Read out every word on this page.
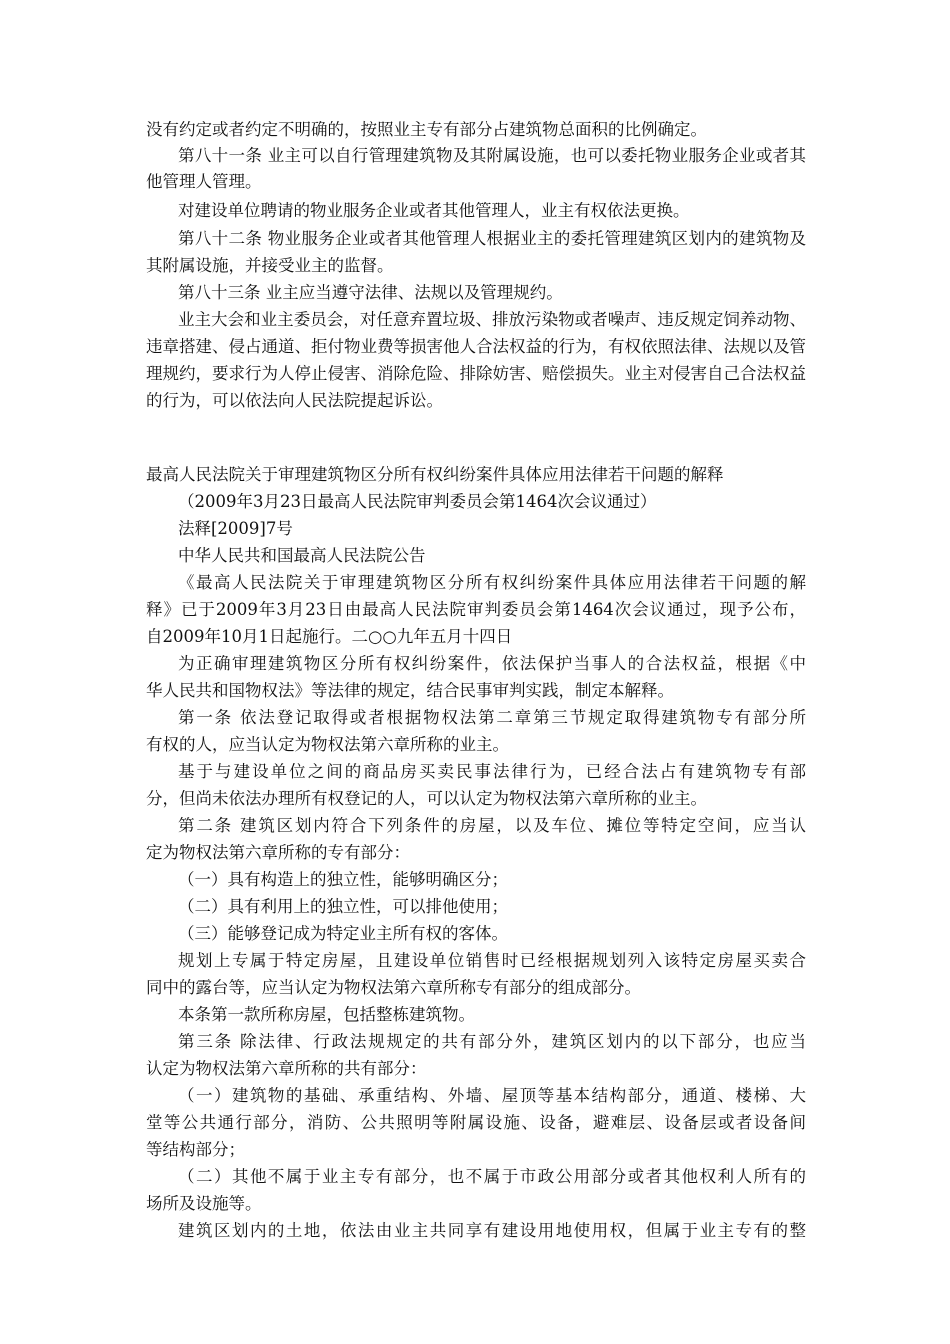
没有约定或者约定不明确的，按照业主专有部分占建筑物总面积的比例确定。
第八十一条 业主可以自行管理建筑物及其附属设施，也可以委托物业服务企业或者其
他管理人管理。
对建设单位聘请的物业服务企业或者其他管理人，业主有权依法更换。
第八十二条 物业服务企业或者其他管理人根据业主的委托管理建筑区划内的建筑物及
其附属设施，并接受业主的监督。
第八十三条 业主应当遵守法律、法规以及管理规约。
业主大会和业主委员会，对任意弃置垃圾、排放污染物或者噪声、违反规定饲养动物、
违章搭建、侵占通道、拒付物业费等损害他人合法权益的行为，有权依照法律、法规以及管
理规约，要求行为人停止侵害、消除危险、排除妨害、赔偿损失。业主对侵害自己合法权益
的行为，可以依法向人民法院提起诉讼。
最高人民法院关于审理建筑物区分所有权纠纷案件具体应用法律若干问题的解释
（2009年3月23日最高人民法院审判委员会第1464次会议通过）
法释[2009]7号
中华人民共和国最高人民法院公告
《最高人民法院关于审理建筑物区分所有权纠纷案件具体应用法律若干问题的解
释》已于2009年3月23日由最高人民法院审判委员会第1464次会议通过，现予公布，
自2009年10月1日起施行。二○○九年五月十四日
为正确审理建筑物区分所有权纠纷案件，依法保护当事人的合法权益，根据《中
华人民共和国物权法》等法律的规定，结合民事审判实践，制定本解释。
第一条 依法登记取得或者根据物权法第二章第三节规定取得建筑物专有部分所
有权的人，应当认定为物权法第六章所称的业主。
基于与建设单位之间的商品房买卖民事法律行为，已经合法占有建筑物专有部
分，但尚未依法办理所有权登记的人，可以认定为物权法第六章所称的业主。
第二条 建筑区划内符合下列条件的房屋，以及车位、摊位等特定空间，应当认
定为物权法第六章所称的专有部分：
（一）具有构造上的独立性，能够明确区分；
（二）具有利用上的独立性，可以排他使用；
（三）能够登记成为特定业主所有权的客体。
规划上专属于特定房屋，且建设单位销售时已经根据规划列入该特定房屋买卖合
同中的露台等，应当认定为物权法第六章所称专有部分的组成部分。
本条第一款所称房屋，包括整栋建筑物。
第三条 除法律、行政法规规定的共有部分外，建筑区划内的以下部分，也应当
认定为物权法第六章所称的共有部分：
（一）建筑物的基础、承重结构、外墙、屋顶等基本结构部分，通道、楼梯、大
堂等公共通行部分，消防、公共照明等附属设施、设备，避难层、设备层或者设备间
等结构部分；
（二）其他不属于业主专有部分，也不属于市政公用部分或者其他权利人所有的
场所及设施等。
建筑区划内的土地，依法由业主共同享有建设用地使用权，但属于业主专有的整
